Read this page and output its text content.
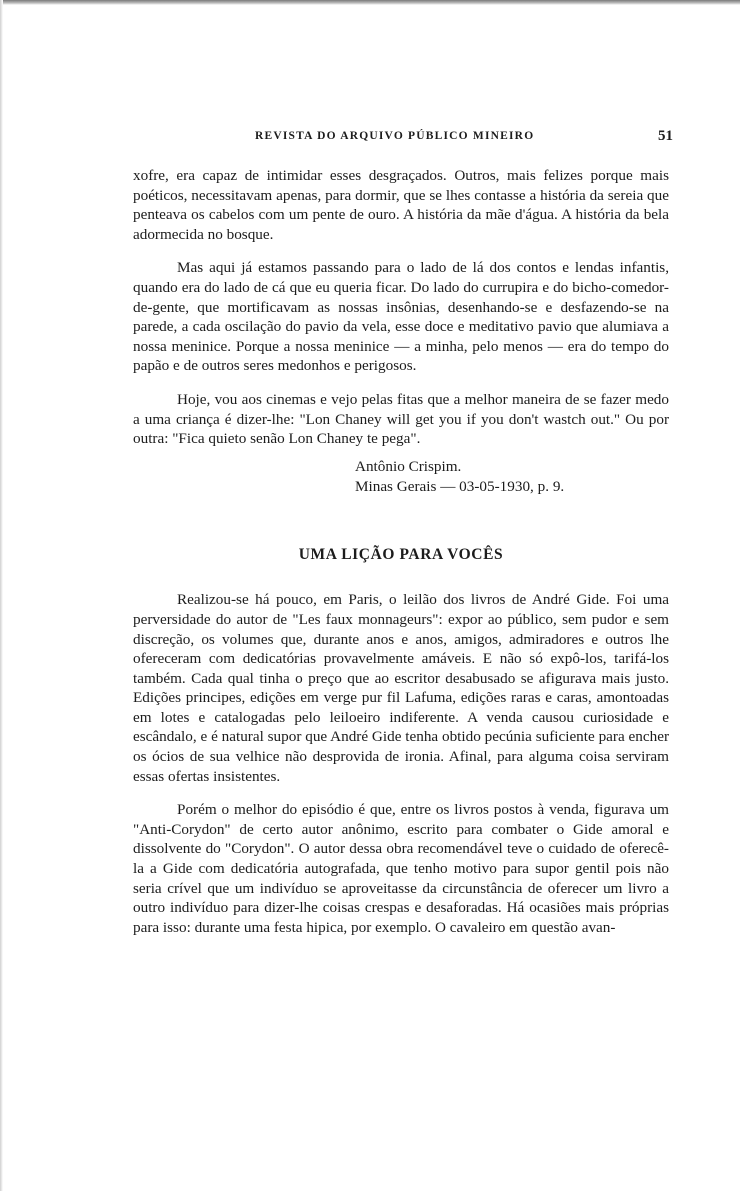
REVISTA DO ARQUIVO PÚBLICO MINEIRO	51

xofre, era capaz de intimidar esses desgraçados. Outros, mais felizes porque mais poéticos, necessitavam apenas, para dormir, que se lhes contasse a história da sereia que penteava os cabelos com um pente de ouro. A história da mãe d'água. A história da bela adormecida no bosque.

Mas aqui já estamos passando para o lado de lá dos contos e lendas infantis, quando era do lado de cá que eu queria ficar. Do lado do currupira e do bicho-comedor-de-gente, que mortificavam as nossas insônias, desenhando-se e desfazendo-se na parede, a cada oscilação do pavio da vela, esse doce e meditativo pavio que alumiava a nossa meninice. Porque a nossa meninice — a minha, pelo menos — era do tempo do papão e de outros seres medonhos e perigosos.

Hoje, vou aos cinemas e vejo pelas fitas que a melhor maneira de se fazer medo a uma criança é dizer-lhe: "Lon Chaney will get you if you don't wastch out." Ou por outra: "Fica quieto senão Lon Chaney te pega".

Antônio Crispim.
Minas Gerais — 03-05-1930, p. 9.
UMA LIÇÃO PARA VOCÊS

Realizou-se há pouco, em Paris, o leilão dos livros de André Gide. Foi uma perversidade do autor de "Les faux monnageurs": expor ao público, sem pudor e sem discreção, os volumes que, durante anos e anos, amigos, admiradores e outros lhe ofereceram com dedicatórias provavelmente amáveis. E não só expô-los, tarifá-los também. Cada qual tinha o preço que ao escritor desabusado se afigurava mais justo. Edições principes, edições em verge pur fil Lafuma, edições raras e caras, amontoadas em lotes e catalogadas pelo leiloeiro indiferente. A venda causou curiosidade e escândalo, e é natural supor que André Gide tenha obtido pecúnia suficiente para encher os ócios de sua velhice não desprovida de ironia. Afinal, para alguma coisa serviram essas ofertas insistentes.

Porém o melhor do episódio é que, entre os livros postos à venda, figurava um "Anti-Corydon" de certo autor anônimo, escrito para combater o Gide amoral e dissolvente do "Corydon". O autor dessa obra recomendável teve o cuidado de oferecê-la a Gide com dedicatória autografada, que tenho motivo para supor gentil pois não seria crível que um indivíduo se aproveitasse da circunstância de oferecer um livro a outro indivíduo para dizer-lhe coisas crespas e desaforadas. Há ocasiões mais próprias para isso: durante uma festa hipica, por exemplo. O cavaleiro em questão avan-
